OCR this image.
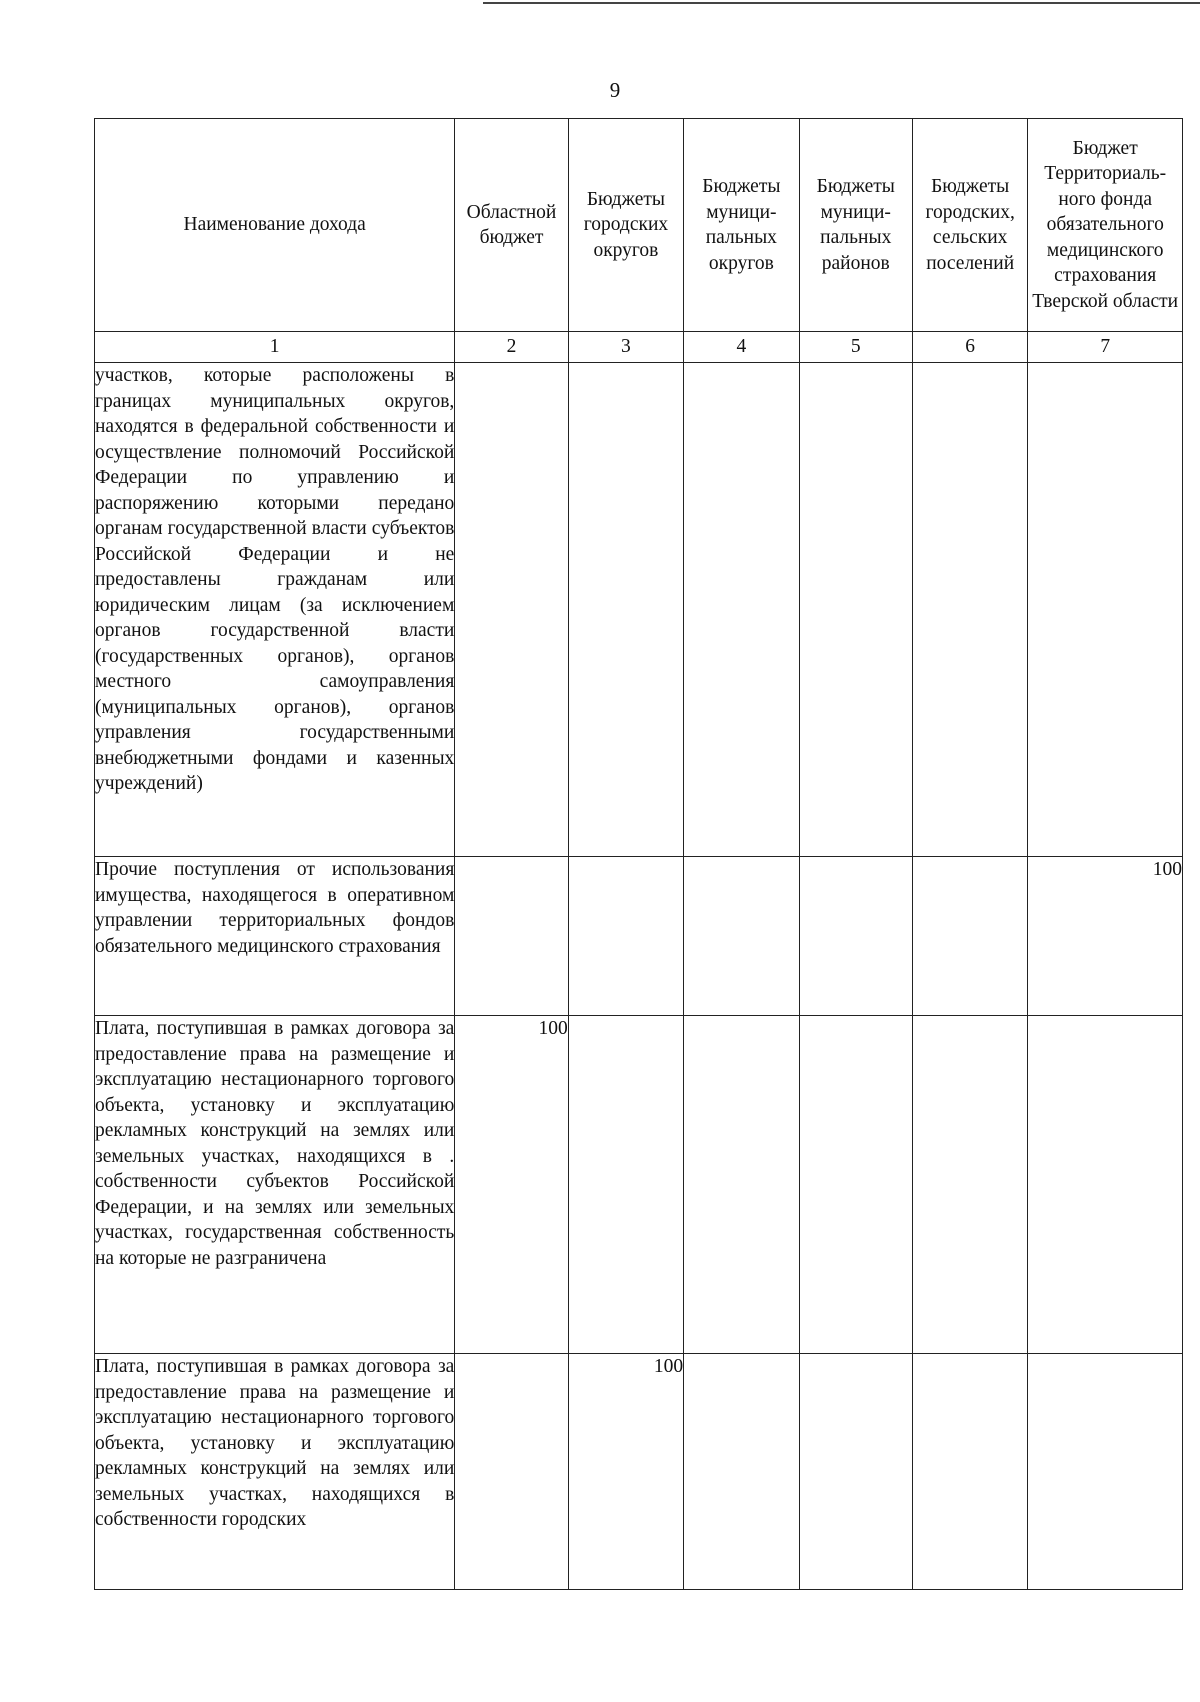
9
Наименование дохода	Областной бюджет	Бюджеты городских округов	Бюджеты муници-пальных округов	Бюджеты муници-пальных районов	Бюджеты городских, сельских поселений	Бюджет Территориаль-ного фонда обязательного медицинского страхования Тверской области
1	2	3	4	5	6	7
участков, которые расположены в границах муниципальных округов, находятся в федеральной собственности и осуществление полномочий Российской Федерации по управлению и распоряжению которыми передано органам государственной власти субъектов Российской Федерации и не предоставлены гражданам или юридическим лицам (за исключением органов государственной власти (государственных органов), органов местного самоуправления (муниципальных органов), органов управления государственными внебюджетными фондами и казенных учреждений)						
Прочие поступления от использования имущества, находящегося в оперативном управлении территориальных фондов обязательного медицинского страхования						100
Плата, поступившая в рамках договора за предоставление права на размещение и эксплуатацию нестационарного торгового объекта, установку и эксплуатацию рекламных конструкций на землях или земельных участках, находящихся в . собственности субъектов Российской Федерации, и на землях или земельных участках, государственная собственность на которые не разграничена	100					
Плата, поступившая в рамках договора за предоставление права на размещение и эксплуатацию нестационарного торгового объекта, установку и эксплуатацию рекламных конструкций на землях или земельных участках, находящихся в собственности городских		100				
